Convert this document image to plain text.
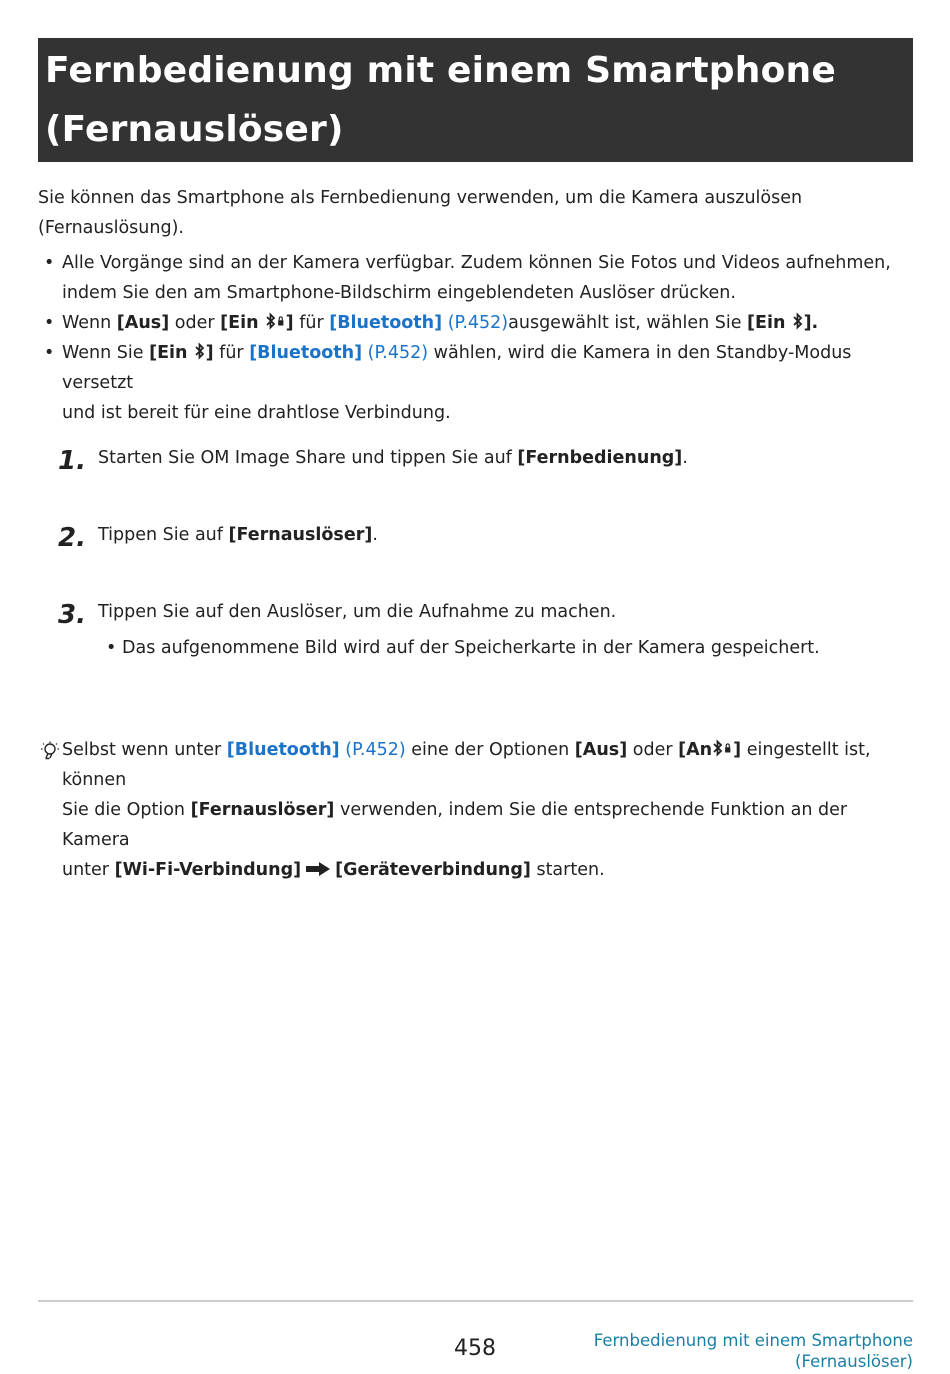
Fernbedienung mit einem Smartphone
(Fernauslöser)
Sie können das Smartphone als Fernbedienung verwenden, um die Kamera auszulösen
(Fernauslösung).
• Alle Vorgänge sind an der Kamera verfügbar. Zudem können Sie Fotos und Videos aufnehmen,
indem Sie den am Smartphone-Bildschirm eingeblendeten Auslöser drücken.
• Wenn [Aus] oder [Ein ] für [Bluetooth] (P.452)ausgewählt ist, wählen Sie [Ein ].
• Wenn Sie [Ein ] für [Bluetooth] (P.452) wählen, wird die Kamera in den Standby-Modus versetzt
und ist bereit für eine drahtlose Verbindung.
1. Starten Sie OM Image Share und tippen Sie auf [Fernbedienung].
2. Tippen Sie auf [Fernauslöser].
3. Tippen Sie auf den Auslöser, um die Aufnahme zu machen.
• Das aufgenommene Bild wird auf der Speicherkarte in der Kamera gespeichert.
Selbst wenn unter [Bluetooth] (P.452) eine der Optionen [Aus] oder [An ] eingestellt ist, können
Sie die Option [Fernauslöser] verwenden, indem Sie die entsprechende Funktion an der Kamera
unter [Wi-Fi-Verbindung] [Geräteverbindung] starten.
458	Fernbedienung mit einem Smartphone
(Fernauslöser)
